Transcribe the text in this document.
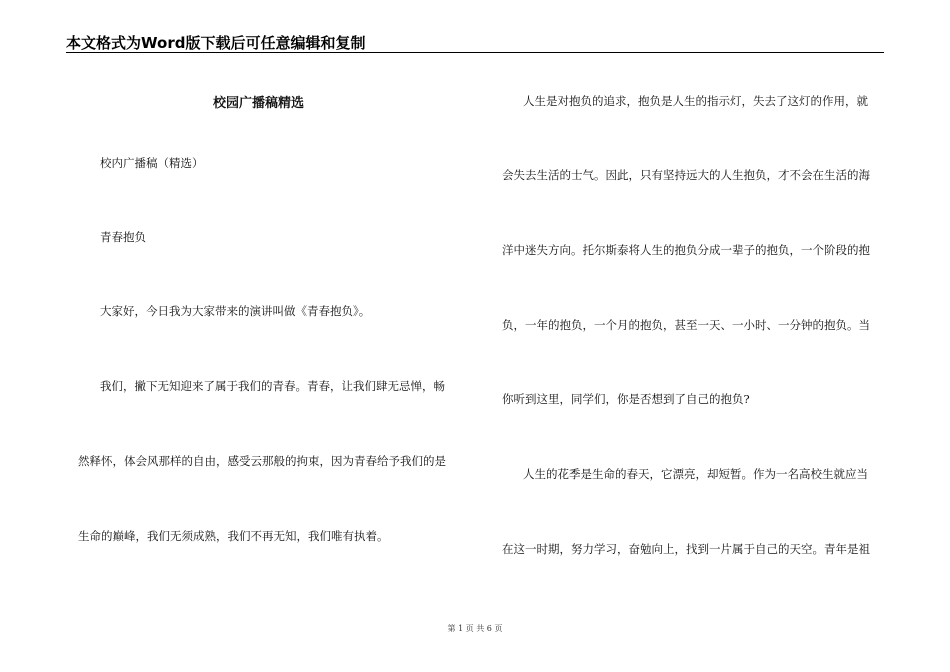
本文格式为Word版下载后可任意编辑和复制
校园广播稿精选
校内广播稿（精选）
青春抱负
大家好，今日我为大家带来的演讲叫做《青春抱负》。
我们，撇下无知迎来了属于我们的青春。青春，让我们肆无忌惮，畅
然释怀，体会风那样的自由，感受云那般的拘束，因为青春给予我们的是
生命的巅峰，我们无须成熟，我们不再无知，我们唯有执着。
人生是对抱负的追求，抱负是人生的指示灯，失去了这灯的作用，就
会失去生活的士气。因此，只有坚持远大的人生抱负，才不会在生活的海
洋中迷失方向。托尔斯泰将人生的抱负分成一辈子的抱负，一个阶段的抱
负，一年的抱负，一个月的抱负，甚至一天、一小时、一分钟的抱负。当
你听到这里，同学们，你是否想到了自己的抱负?
人生的花季是生命的春天，它漂亮，却短暂。作为一名高校生就应当
在这一时期，努力学习，奋勉向上，找到一片属于自己的天空。青年是祖
第 1 页 共 6 页
